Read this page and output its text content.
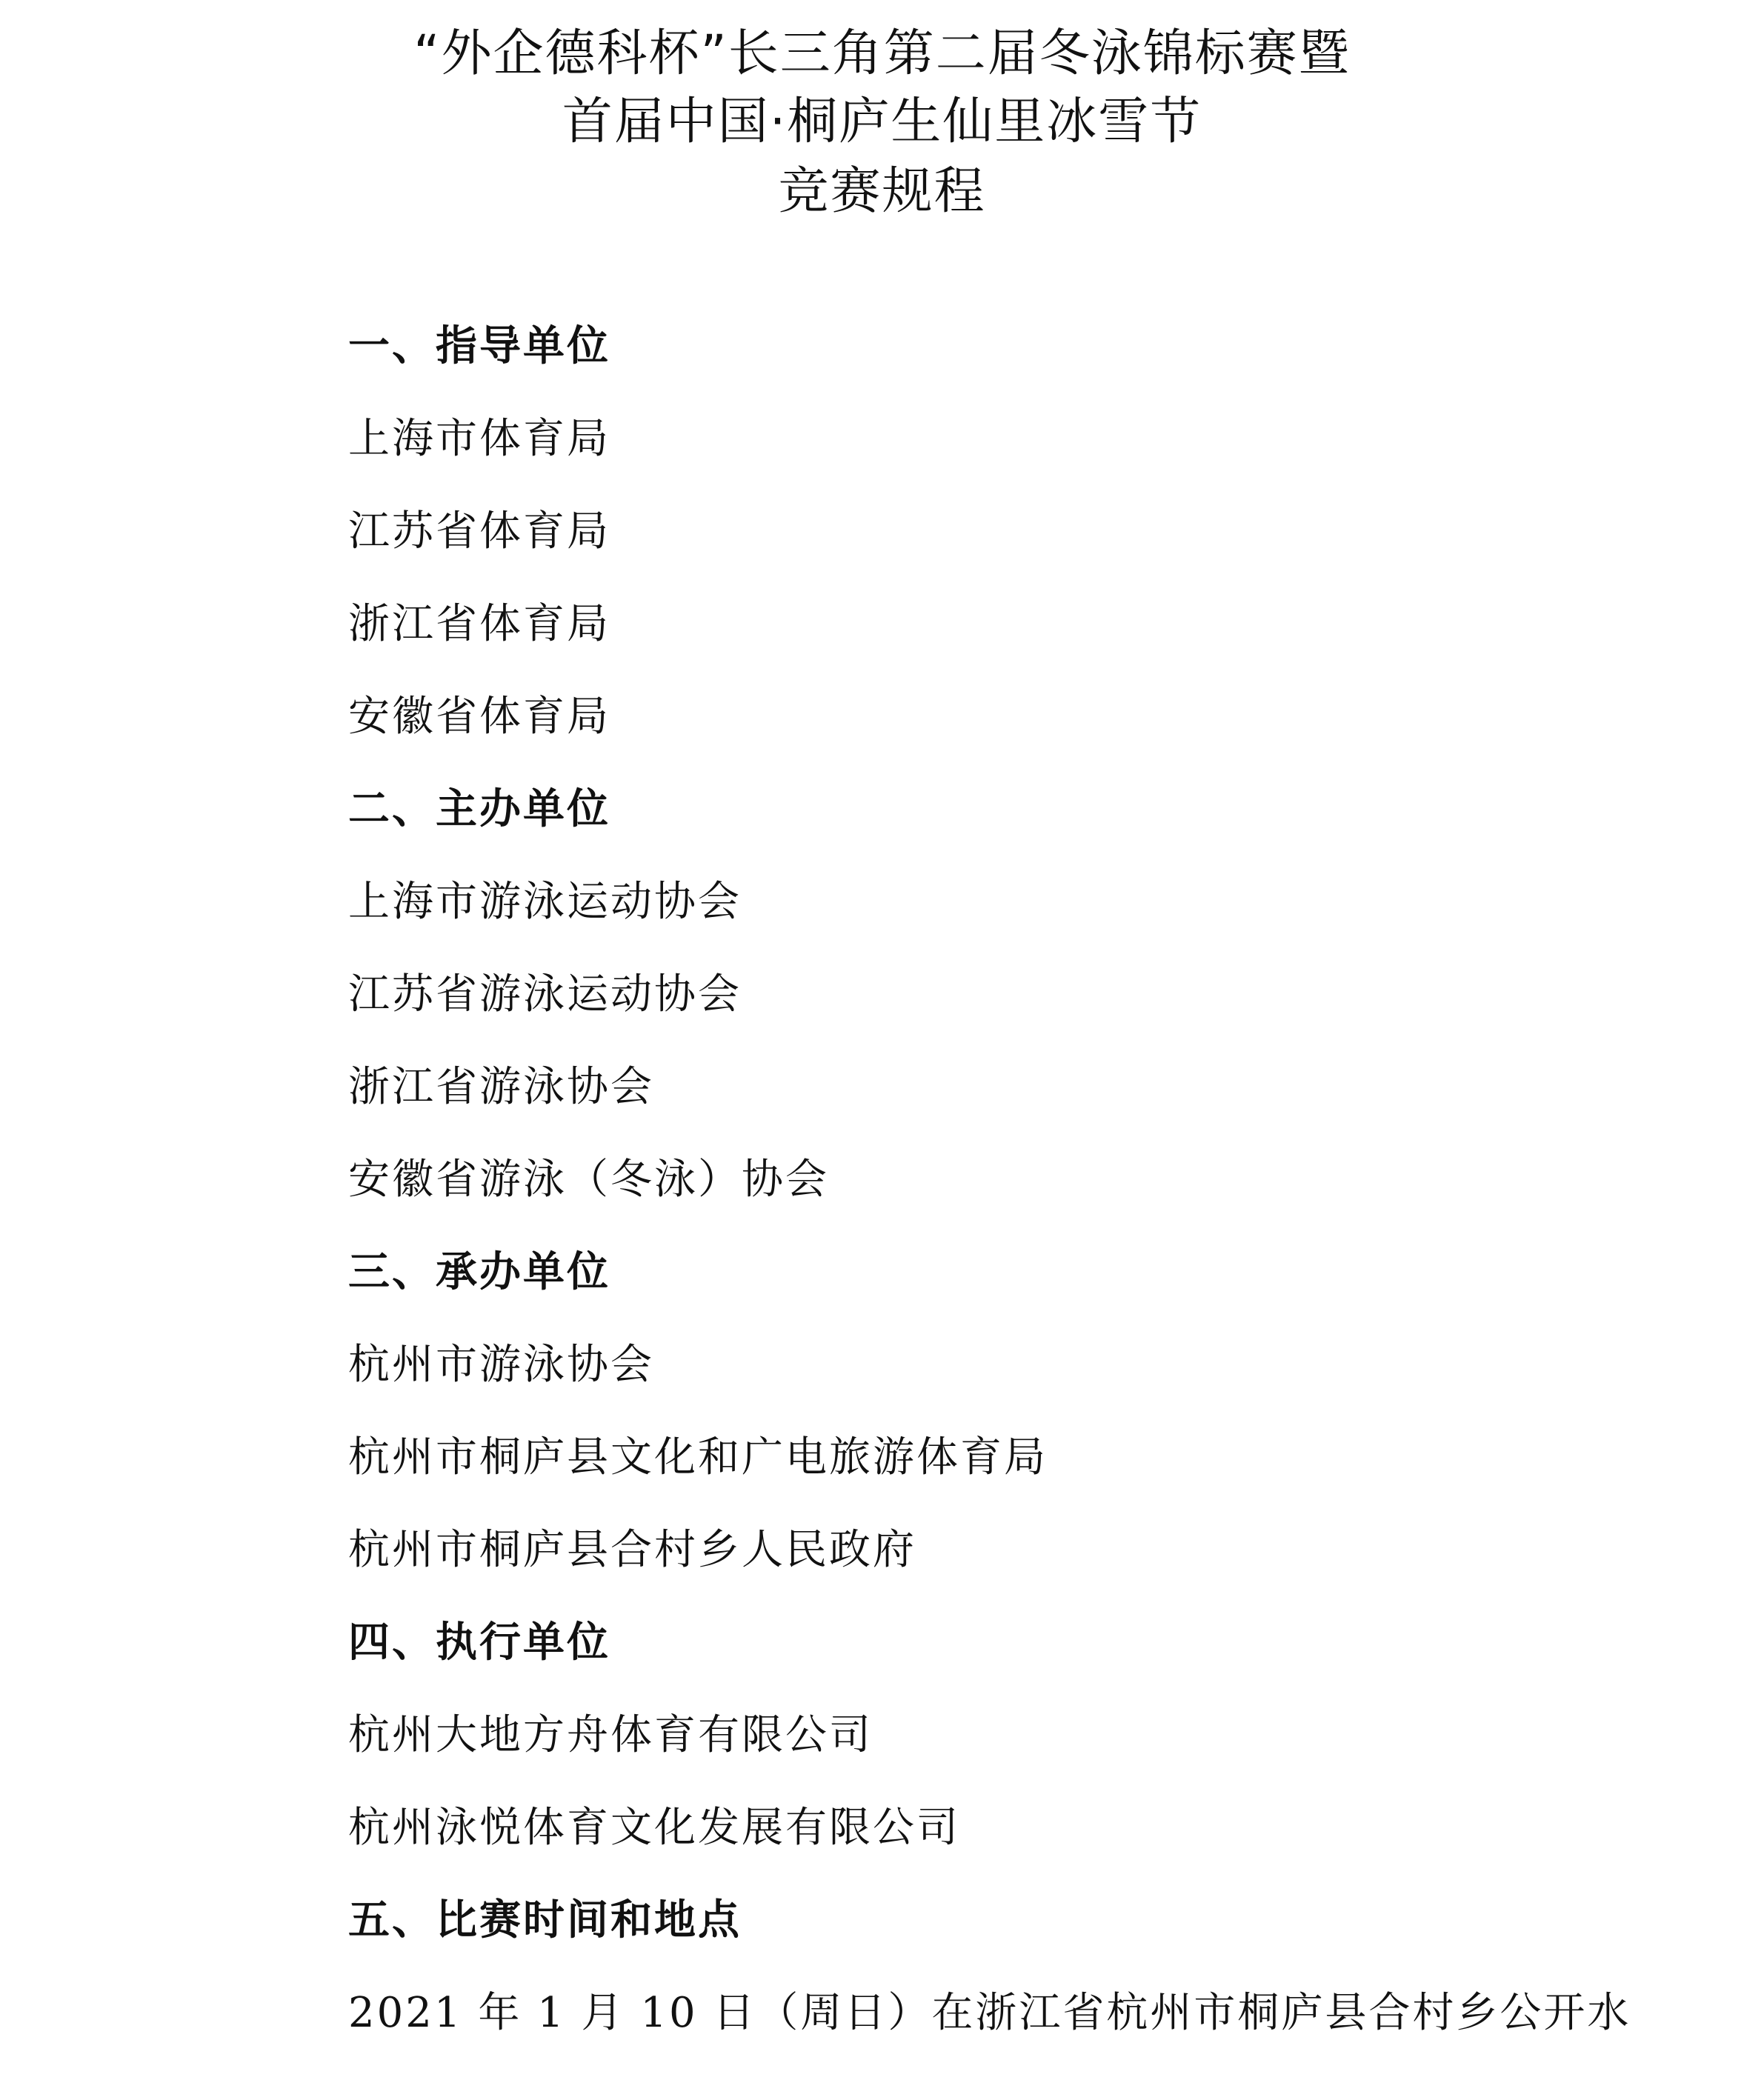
“外企德科杯”长三角第二届冬泳锦标赛暨
首届中国·桐庐生仙里冰雪节
竞赛规程
一、指导单位
上海市体育局
江苏省体育局
浙江省体育局
安徽省体育局
二、主办单位
上海市游泳运动协会
江苏省游泳运动协会
浙江省游泳协会
安徽省游泳（冬泳）协会
三、承办单位
杭州市游泳协会
杭州市桐庐县文化和广电旅游体育局
杭州市桐庐县合村乡人民政府
四、执行单位
杭州大地方舟体育有限公司
杭州泳悦体育文化发展有限公司
五、比赛时间和地点
2021 年 1 月 10 日（周日）在浙江省杭州市桐庐县合村乡公开水
